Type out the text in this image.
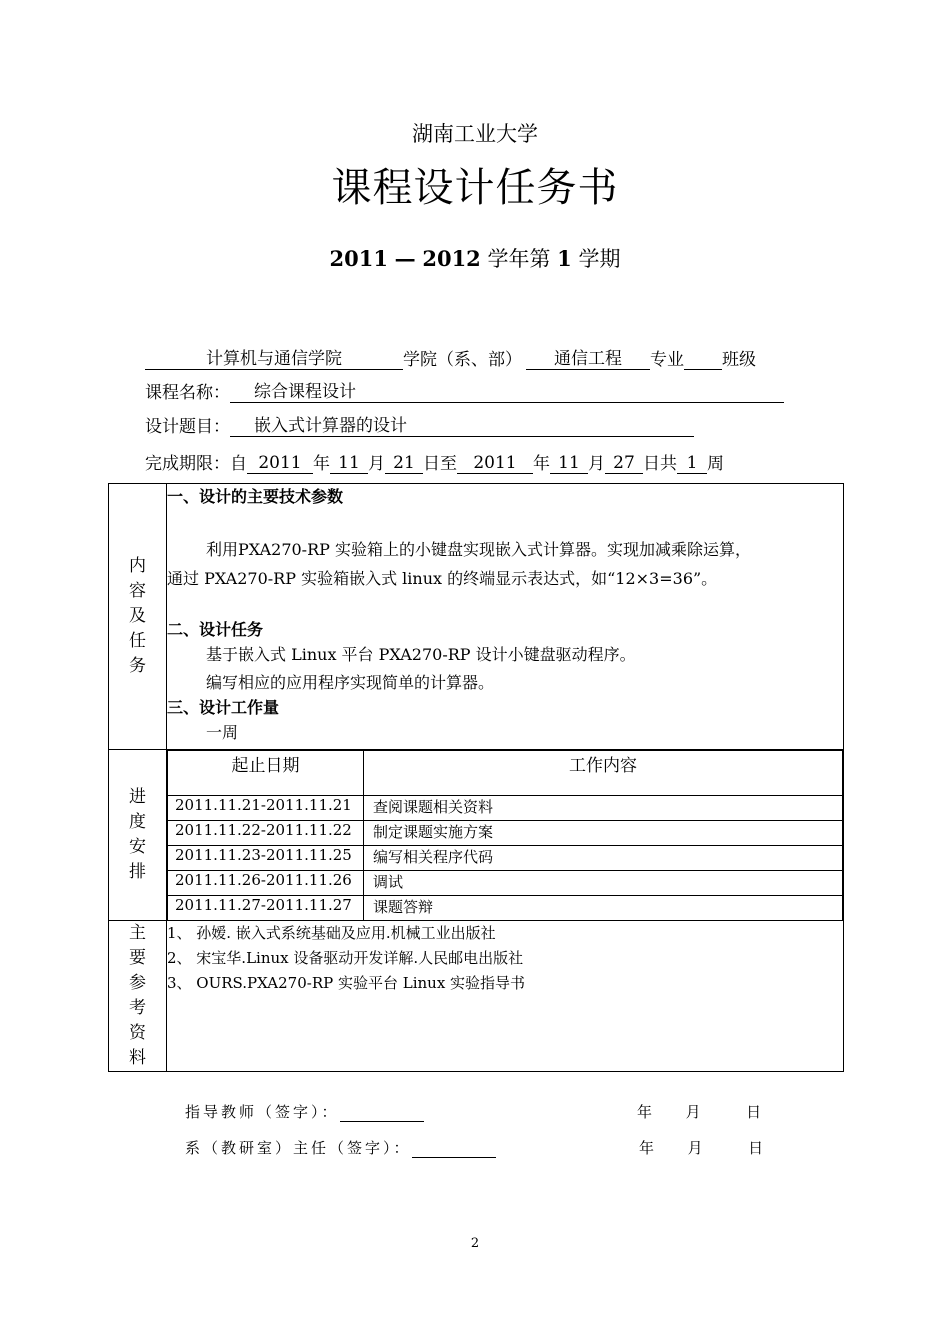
湖南工业大学
课程设计任务书
2011 — 2012 学年第 1 学期
计算机与通信学院	学院（系、部） 通信工程 专业 班级
课程名称： 综合课程设计
设计题目： 嵌入式计算器的设计
完成期限：自 2011 年 11 月 21 日至 2011 年 11 月 27 日共 1 周
内
容
及
任
务

一、设计的主要技术参数
利用PXA270-RP 实验箱上的小键盘实现嵌入式计算器。实现加减乘除运算，
通过 PXA270-RP 实验箱嵌入式 linux 的终端显示表达式，如“12×3=36”。
二、设计任务
基于嵌入式 Linux 平台 PXA270-RP 设计小键盘驱动程序。
编写相应的应用程序实现简单的计算器。
三、设计工作量
一周

进
度
安
排

起止日期	工作内容
2011.11.21-2011.11.21	查阅课题相关资料
2011.11.22-2011.11.22	制定课题实施方案
2011.11.23-2011.11.25	编写相关程序代码
2011.11.26-2011.11.26	调试
2011.11.27-2011.11.27	课题答辩

主
要
参
考
资
料

1、 孙嫒. 嵌入式系统基础及应用.机械工业出版社
2、 宋宝华.Linux 设备驱动开发详解.人民邮电出版社
3、 OURS.PXA270-RP 实验平台 Linux 实验指导书
指导教师（签字）：	年 月	日
系（教研室）主任（签字）：	年 月	日
2
